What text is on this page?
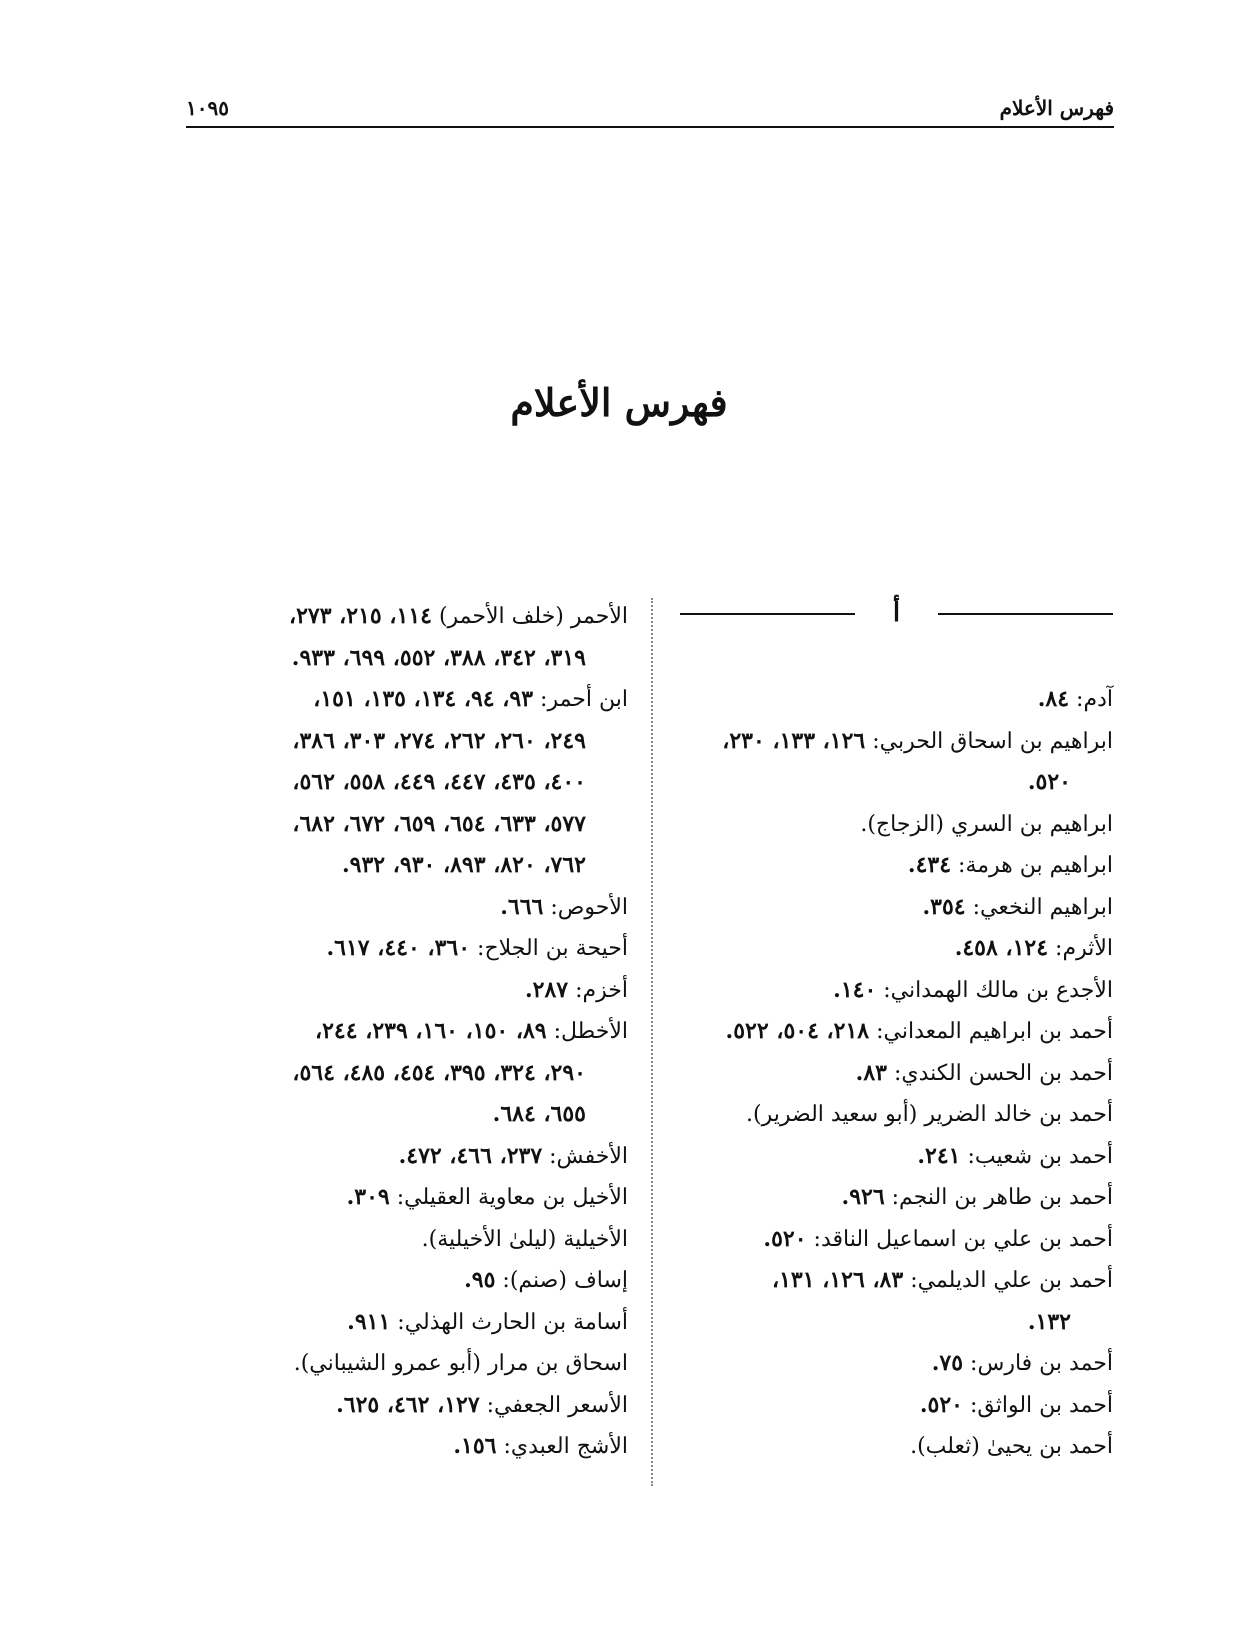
فهرس الأعلام
١٠٩٥
فهرس الأعلام
أ
آدم: ٨٤.
ابراهيم بن اسحاق الحربي: ١٢٦، ١٣٣، ٢٣٠،
٥٢٠.
ابراهيم بن السري (الزجاج).
ابراهيم بن هرمة: ٤٣٤.
ابراهيم النخعي: ٣٥٤.
الأثرم: ١٢٤، ٤٥٨.
الأجدع بن مالك الهمداني: ١٤٠.
أحمد بن ابراهيم المعداني: ٢١٨، ٥٠٤، ٥٢٢.
أحمد بن الحسن الكندي: ٨٣.
أحمد بن خالد الضرير (أبو سعيد الضرير).
أحمد بن شعيب: ٢٤١.
أحمد بن طاهر بن النجم: ٩٢٦.
أحمد بن علي بن اسماعيل الناقد: ٥٢٠.
أحمد بن علي الديلمي: ٨٣، ١٢٦، ١٣١،
١٣٢.
أحمد بن فارس: ٧٥.
أحمد بن الواثق: ٥٢٠.
أحمد بن يحيىٰ (ثعلب).
الأحمر (خلف الأحمر) ١١٤، ٢١٥، ٢٧٣،
٣١٩، ٣٤٢، ٣٨٨، ٥٥٢، ٦٩٩، ٩٣٣.
ابن أحمر: ٩٣، ٩٤، ١٣٤، ١٣٥، ١٥١،
٢٤٩، ٢٦٠، ٢٦٢، ٢٧٤، ٣٠٣، ٣٨٦،
٤٠٠، ٤٣٥، ٤٤٧، ٤٤٩، ٥٥٨، ٥٦٢،
٥٧٧، ٦٣٣، ٦٥٤، ٦٥٩، ٦٧٢، ٦٨٢،
٧٦٢، ٨٢٠، ٨٩٣، ٩٣٠، ٩٣٢.
الأحوص: ٦٦٦.
أحيحة بن الجلاح: ٣٦٠، ٤٤٠، ٦١٧.
أخزم: ٢٨٧.
الأخطل: ٨٩، ١٥٠، ١٦٠، ٢٣٩، ٢٤٤،
٢٩٠، ٣٢٤، ٣٩٥، ٤٥٤، ٤٨٥، ٥٦٤،
٦٥٥، ٦٨٤.
الأخفش: ٢٣٧، ٤٦٦، ٤٧٢.
الأخيل بن معاوية العقيلي: ٣٠٩.
الأخيلية (ليلىٰ الأخيلية).
إساف (صنم): ٩٥.
أسامة بن الحارث الهذلي: ٩١١.
اسحاق بن مرار (أبو عمرو الشيباني).
الأسعر الجعفي: ١٢٧، ٤٦٢، ٦٢٥.
الأشج العبدي: ١٥٦.
